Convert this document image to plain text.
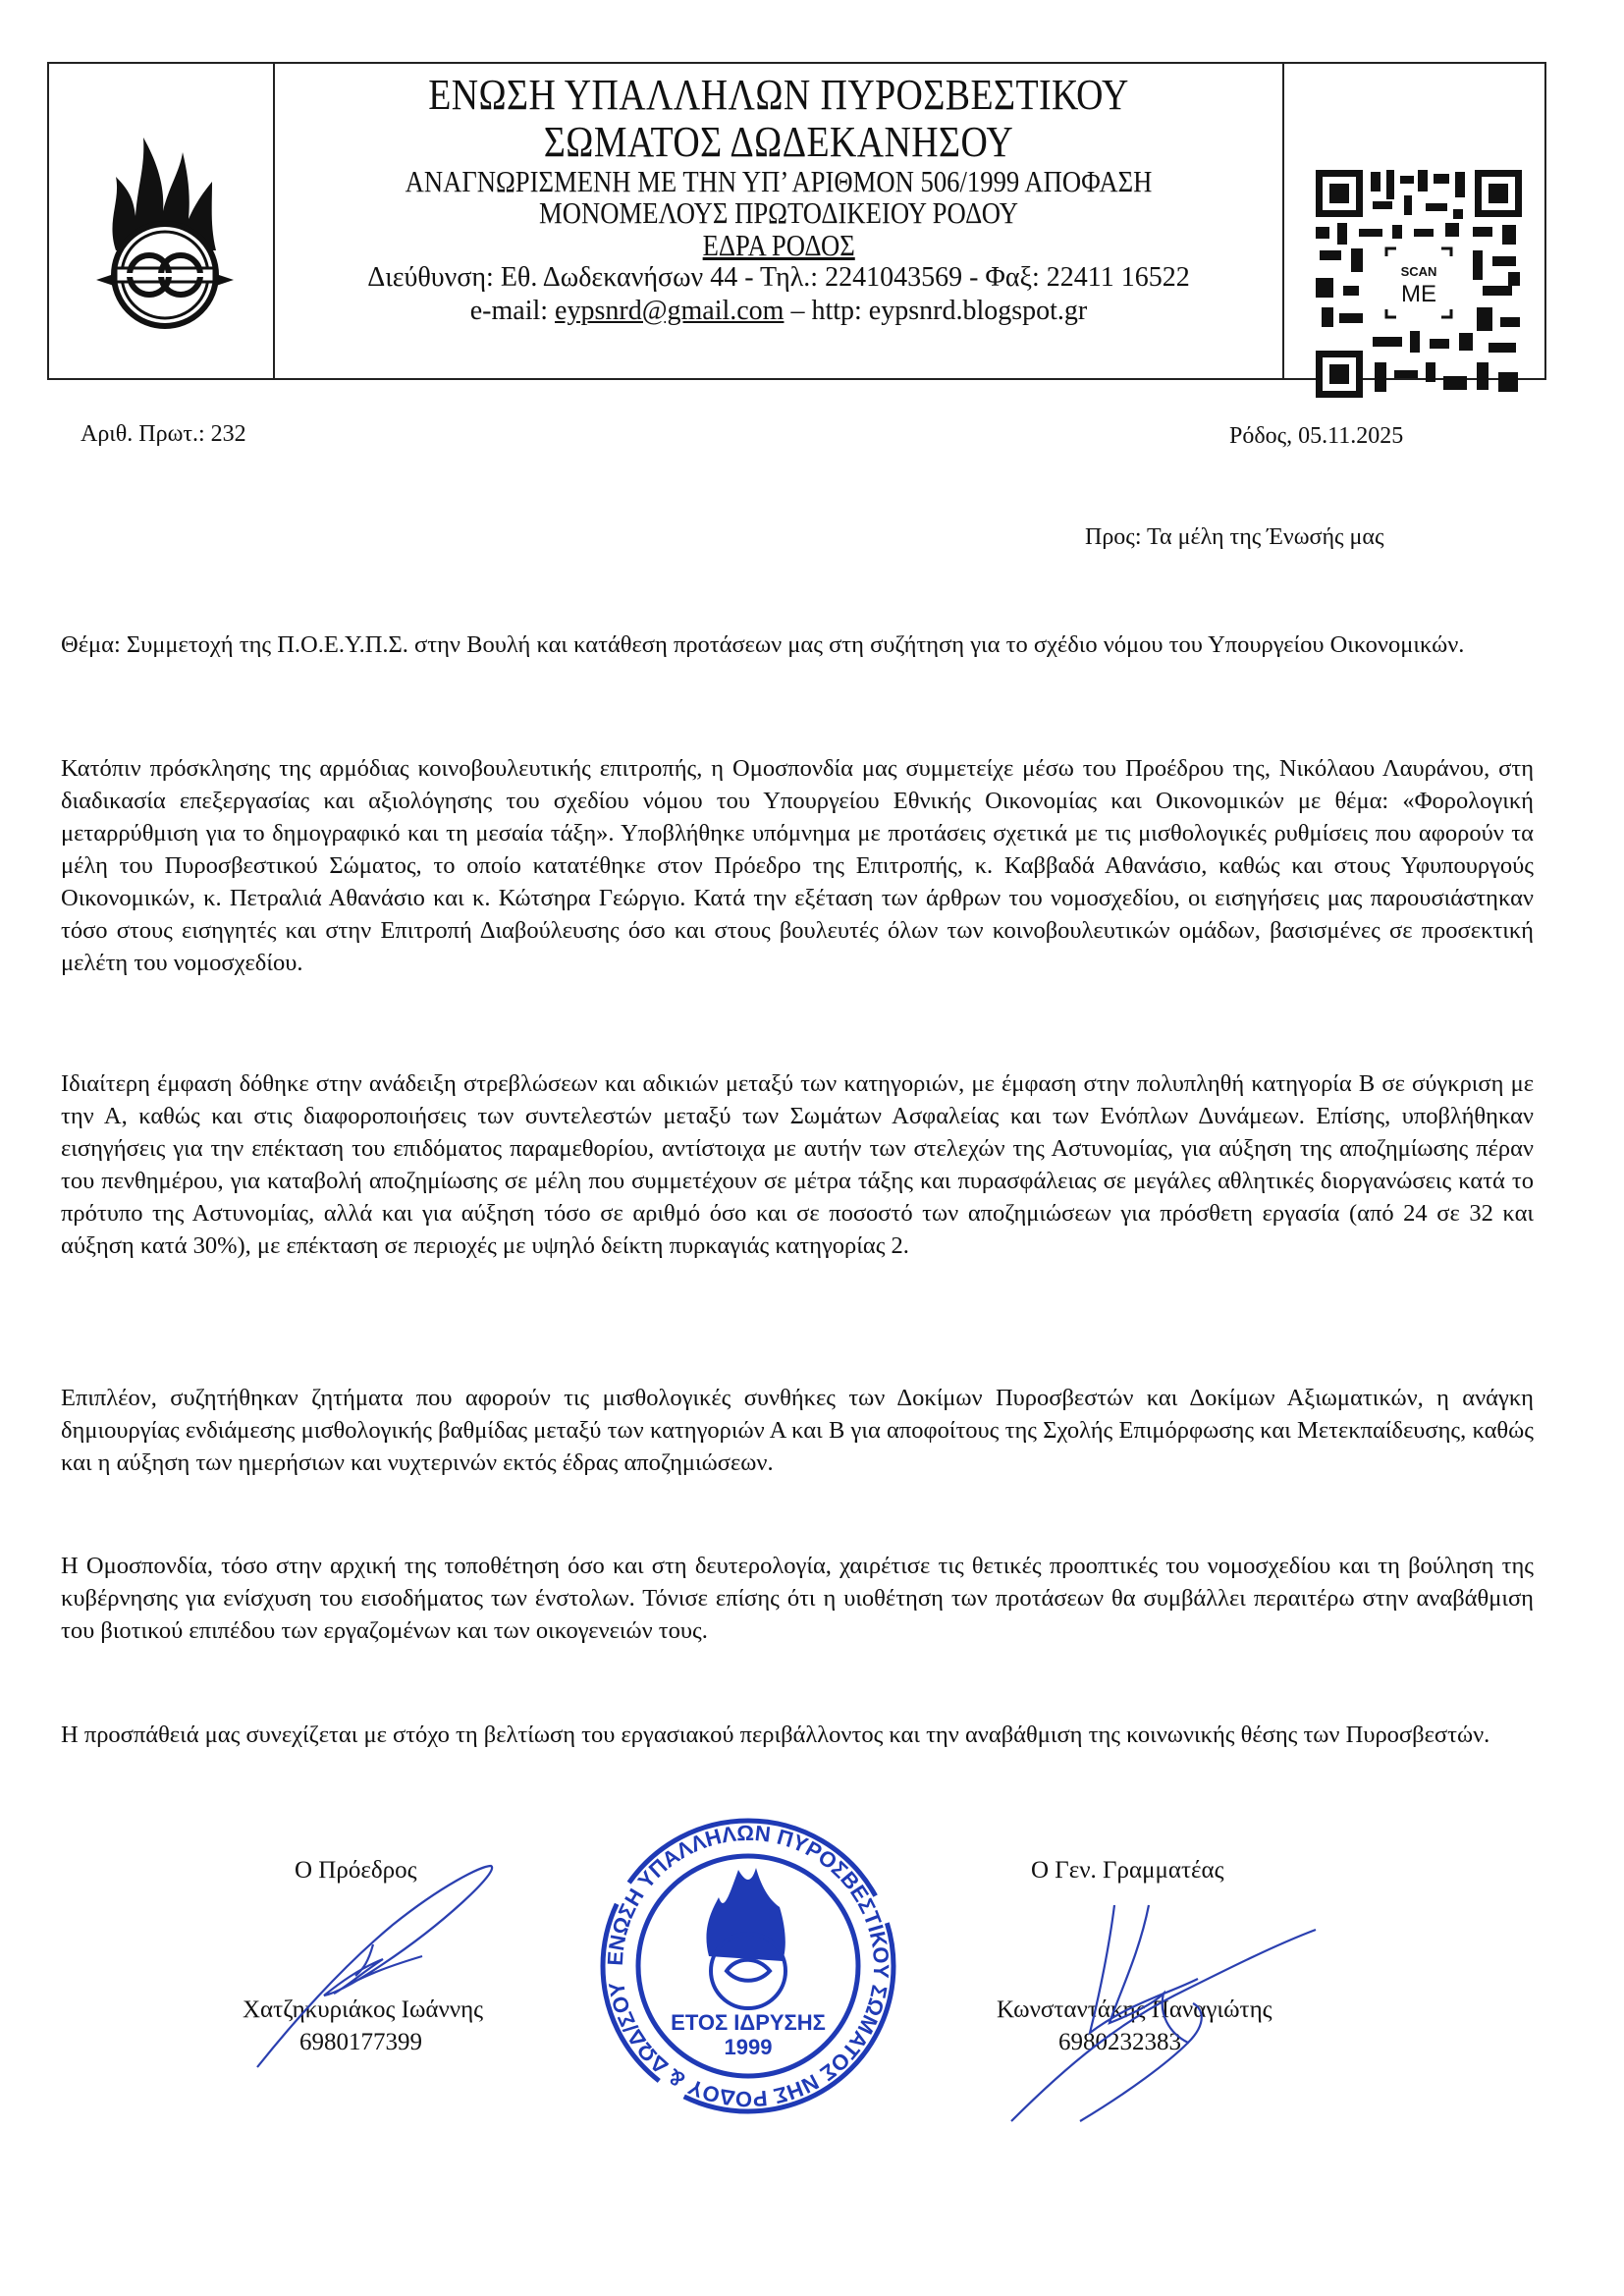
ΕΝΩΣΗ ΥΠΑΛΛΗΛΩΝ ΠΥΡΟΣΒΕΣΤΙΚΟΥ
ΣΩΜΑΤΟΣ ΔΩΔΕΚΑΝΗΣΟΥ
ΑΝΑΓΝΩΡΙΣΜΕΝΗ ΜΕ ΤΗΝ ΥΠ’ ΑΡΙΘΜΟΝ 506/1999 ΑΠΟΦΑΣΗ
ΜΟΝΟΜΕΛΟΥΣ ΠΡΩΤΟΔΙΚΕΙΟΥ ΡΟΔΟΥ
ΕΔΡΑ ΡΟΔΟΣ
Διεύθυνση: Εθ. Δωδεκανήσων 44 - Τηλ.: 2241043569 - Φαξ: 22411 16522
e-mail: eypsnrd@gmail.com – http: eypsnrd.blogspot.gr
SCAN
ME
Αριθ. Πρωτ.: 232	Ρόδος, 05.11.2025
Προς: Τα μέλη της Ένωσής μας
Θέμα: Συμμετοχή της Π.Ο.Ε.Υ.Π.Σ. στην Βουλή και κατάθεση προτάσεων μας στη συζήτηση για το σχέδιο νόμου του Υπουργείου Οικονομικών.
Κατόπιν πρόσκλησης της αρμόδιας κοινοβουλευτικής επιτροπής, η Ομοσπονδία μας συμμετείχε μέσω του Προέδρου της, Νικόλαου Λαυράνου, στη διαδικασία επεξεργασίας και αξιολόγησης του σχεδίου νόμου του Υπουργείου Εθνικής Οικονομίας και Οικονομικών με θέμα: «Φορολογική μεταρρύθμιση για το δημογραφικό και τη μεσαία τάξη». Υποβλήθηκε υπόμνημα με προτάσεις σχετικά με τις μισθολογικές ρυθμίσεις που αφορούν τα μέλη του Πυροσβεστικού Σώματος, το οποίο κατατέθηκε στον Πρόεδρο της Επιτροπής, κ. Καββαδά Αθανάσιο, καθώς και στους Υφυπουργούς Οικονομικών, κ. Πετραλιά Αθανάσιο και κ. Κώτσηρα Γεώργιο. Κατά την εξέταση των άρθρων του νομοσχεδίου, οι εισηγήσεις μας παρουσιάστηκαν τόσο στους εισηγητές και στην Επιτροπή Διαβούλευσης όσο και στους βουλευτές όλων των κοινοβουλευτικών ομάδων, βασισμένες σε προσεκτική μελέτη του νομοσχεδίου.
Ιδιαίτερη έμφαση δόθηκε στην ανάδειξη στρεβλώσεων και αδικιών μεταξύ των κατηγοριών, με έμφαση στην πολυπληθή κατηγορία Β σε σύγκριση με την Α, καθώς και στις διαφοροποιήσεις των συντελεστών μεταξύ των Σωμάτων Ασφαλείας και των Ενόπλων Δυνάμεων. Επίσης, υποβλήθηκαν εισηγήσεις για την επέκταση του επιδόματος παραμεθορίου, αντίστοιχα με αυτήν των στελεχών της Αστυνομίας, για αύξηση της αποζημίωσης πέραν του πενθημέρου, για καταβολή αποζημίωσης σε μέλη που συμμετέχουν σε μέτρα τάξης και πυρασφάλειας σε μεγάλες αθλητικές διοργανώσεις κατά το πρότυπο της Αστυνομίας, αλλά και για αύξηση τόσο σε αριθμό όσο και σε ποσοστό των αποζημιώσεων για πρόσθετη εργασία (από 24 σε 32 και αύξηση κατά 30%), με επέκταση σε περιοχές με υψηλό δείκτη πυρκαγιάς κατηγορίας 2.
Επιπλέον, συζητήθηκαν ζητήματα που αφορούν τις μισθολογικές συνθήκες των Δοκίμων Πυροσβεστών και Δοκίμων Αξιωματικών, η ανάγκη δημιουργίας ενδιάμεσης μισθολογικής βαθμίδας μεταξύ των κατηγοριών Α και Β για αποφοίτους της Σχολής Επιμόρφωσης και Μετεκπαίδευσης, καθώς και η αύξηση των ημερήσιων και νυχτερινών εκτός έδρας αποζημιώσεων.
Η Ομοσπονδία, τόσο στην αρχική της τοποθέτηση όσο και στη δευτερολογία, χαιρέτισε τις θετικές προοπτικές του νομοσχεδίου και τη βούληση της κυβέρνησης για ενίσχυση του εισοδήματος των ένστολων. Τόνισε επίσης ότι η υιοθέτηση των προτάσεων θα συμβάλλει περαιτέρω στην αναβάθμιση του βιοτικού επιπέδου των εργαζομένων και των οικογενειών τους.
Η προσπάθειά μας συνεχίζεται με στόχο τη βελτίωση του εργασιακού περιβάλλοντος και την αναβάθμιση της κοινωνικής θέσης των Πυροσβεστών.
Ο Πρόεδρος
Χατζηκυριάκος Ιωάννης
6980177399
ΕΝΩΣΗ ΥΠΑΛΛΗΛΩΝ ΠΥΡΟΣΒΕΣΤΙΚΟΥ ΣΩΜΑΤΟΣ ΝΗΣ ΡΟΔΟΥ & ΔΩΔ/ΣΟΥ
ΕΤΟΣ ΙΔΡΥΣΗΣ
1999
Ο Γεν. Γραμματέας
Κωνσταντάκης Παναγιώτης
6980232383
